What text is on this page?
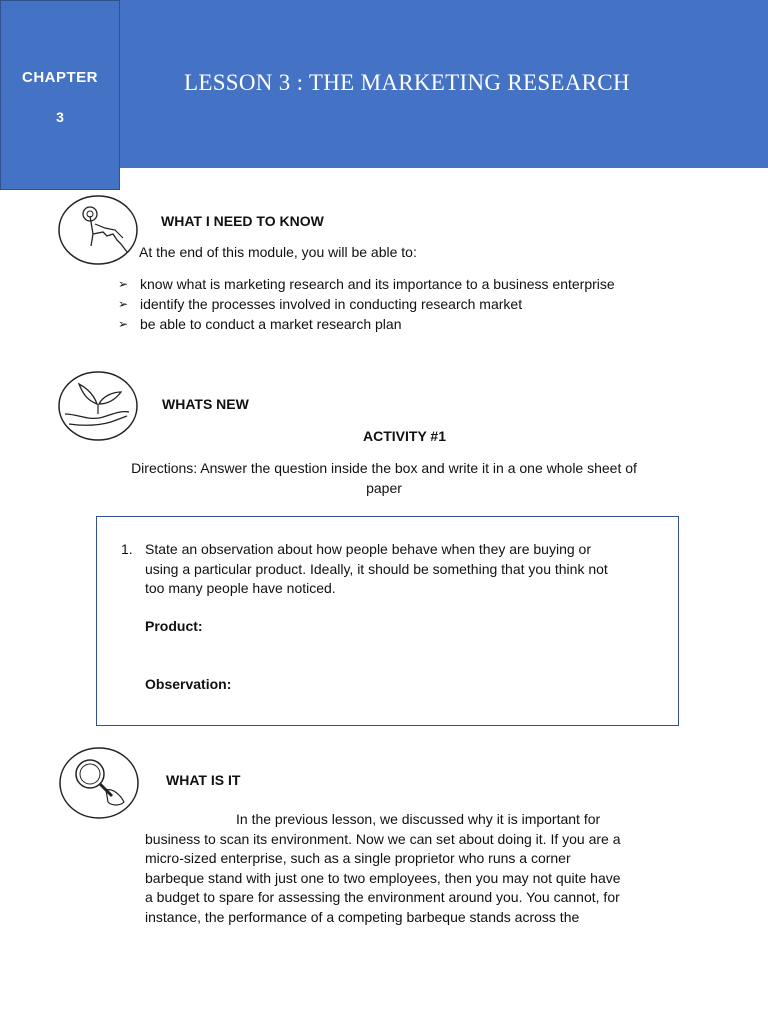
CHAPTER
3
LESSON 3 : THE MARKETING RESEARCH
WHAT I NEED TO KNOW
At the end of this module, you will be able to:
➢ know what is marketing research and its importance to a business enterprise
➢ identify the processes involved in conducting research market
➢ be able to conduct a market research plan
WHATS NEW
ACTIVITY #1
Directions: Answer the question inside the box and write it in a one whole sheet of
paper
1. State an observation about how people behave when they are buying or
using a particular product. Ideally, it should be something that you think not
too many people have noticed.
Product:
Observation:
WHAT IS IT
In the previous lesson, we discussed why it is important for
business to scan its environment. Now we can set about doing it. If you are a
micro-sized enterprise, such as a single proprietor who runs a corner
barbeque stand with just one to two employees, then you may not quite have
a budget to spare for assessing the environment around you. You cannot, for
instance, the performance of a competing barbeque stands across the
